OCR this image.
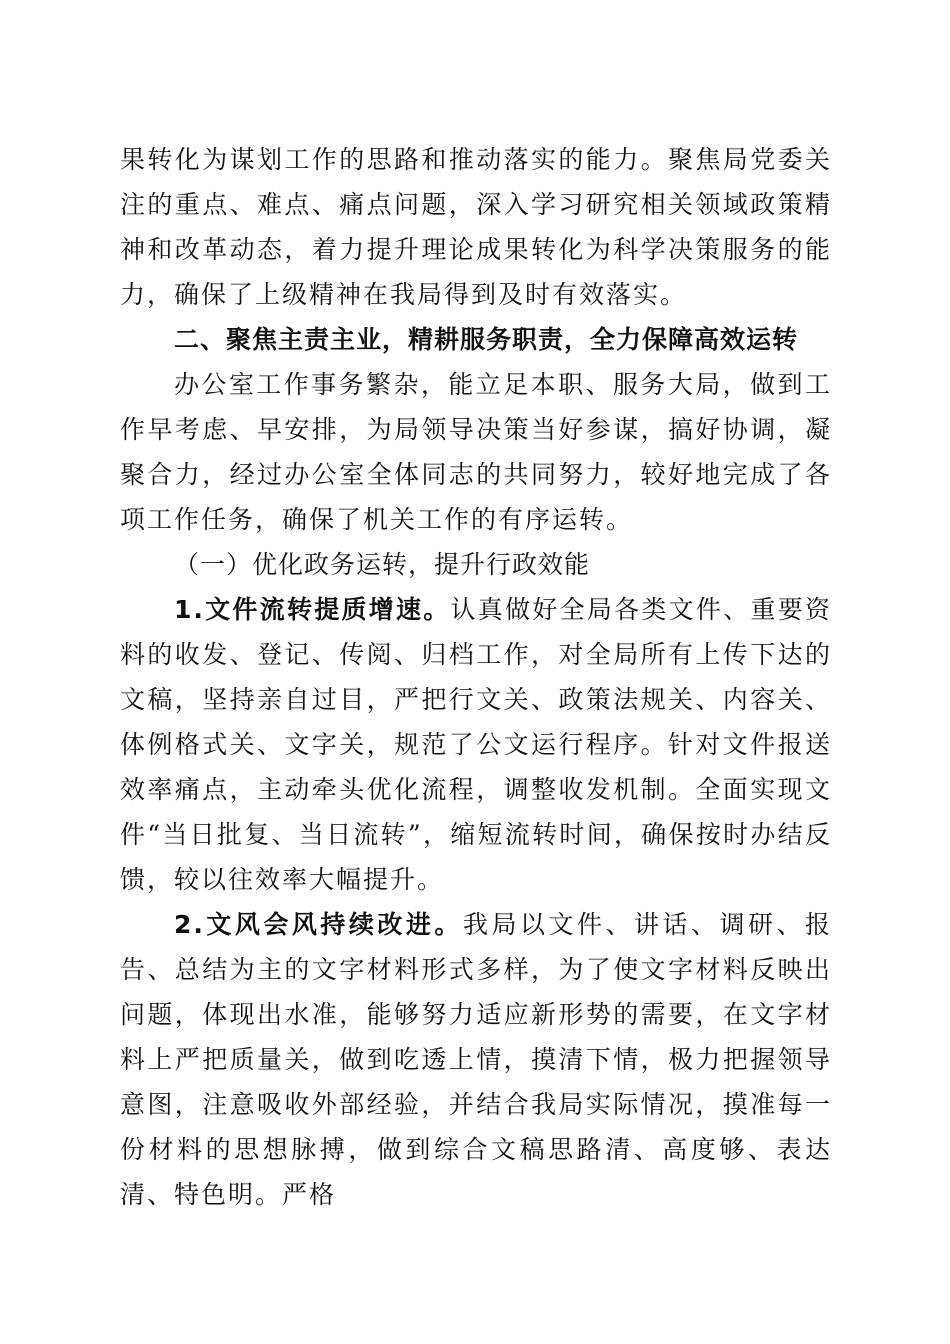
果转化为谋划工作的思路和推动落实的能力。聚焦局党委关注的重点、难点、痛点问题，深入学习研究相关领域政策精神和改革动态，着力提升理论成果转化为科学决策服务的能力，确保了上级精神在我局得到及时有效落实。

二、聚焦主责主业，精耕服务职责，全力保障高效运转

办公室工作事务繁杂，能立足本职、服务大局，做到工作早考虑、早安排，为局领导决策当好参谋，搞好协调，凝聚合力，经过办公室全体同志的共同努力，较好地完成了各项工作任务，确保了机关工作的有序运转。

（一）优化政务运转，提升行政效能

1.文件流转提质增速。认真做好全局各类文件、重要资料的收发、登记、传阅、归档工作，对全局所有上传下达的文稿，坚持亲自过目，严把行文关、政策法规关、内容关、体例格式关、文字关，规范了公文运行程序。针对文件报送效率痛点，主动牵头优化流程，调整收发机制。全面实现文件“当日批复、当日流转”，缩短流转时间，确保按时办结反馈，较以往效率大幅提升。

2.文风会风持续改进。我局以文件、讲话、调研、报告、总结为主的文字材料形式多样，为了使文字材料反映出问题，体现出水准，能够努力适应新形势的需要，在文字材料上严把质量关，做到吃透上情，摸清下情，极力把握领导意图，注意吸收外部经验，并结合我局实际情况，摸准每一份材料的思想脉搏，做到综合文稿思路清、高度够、表达清、特色明。严格
